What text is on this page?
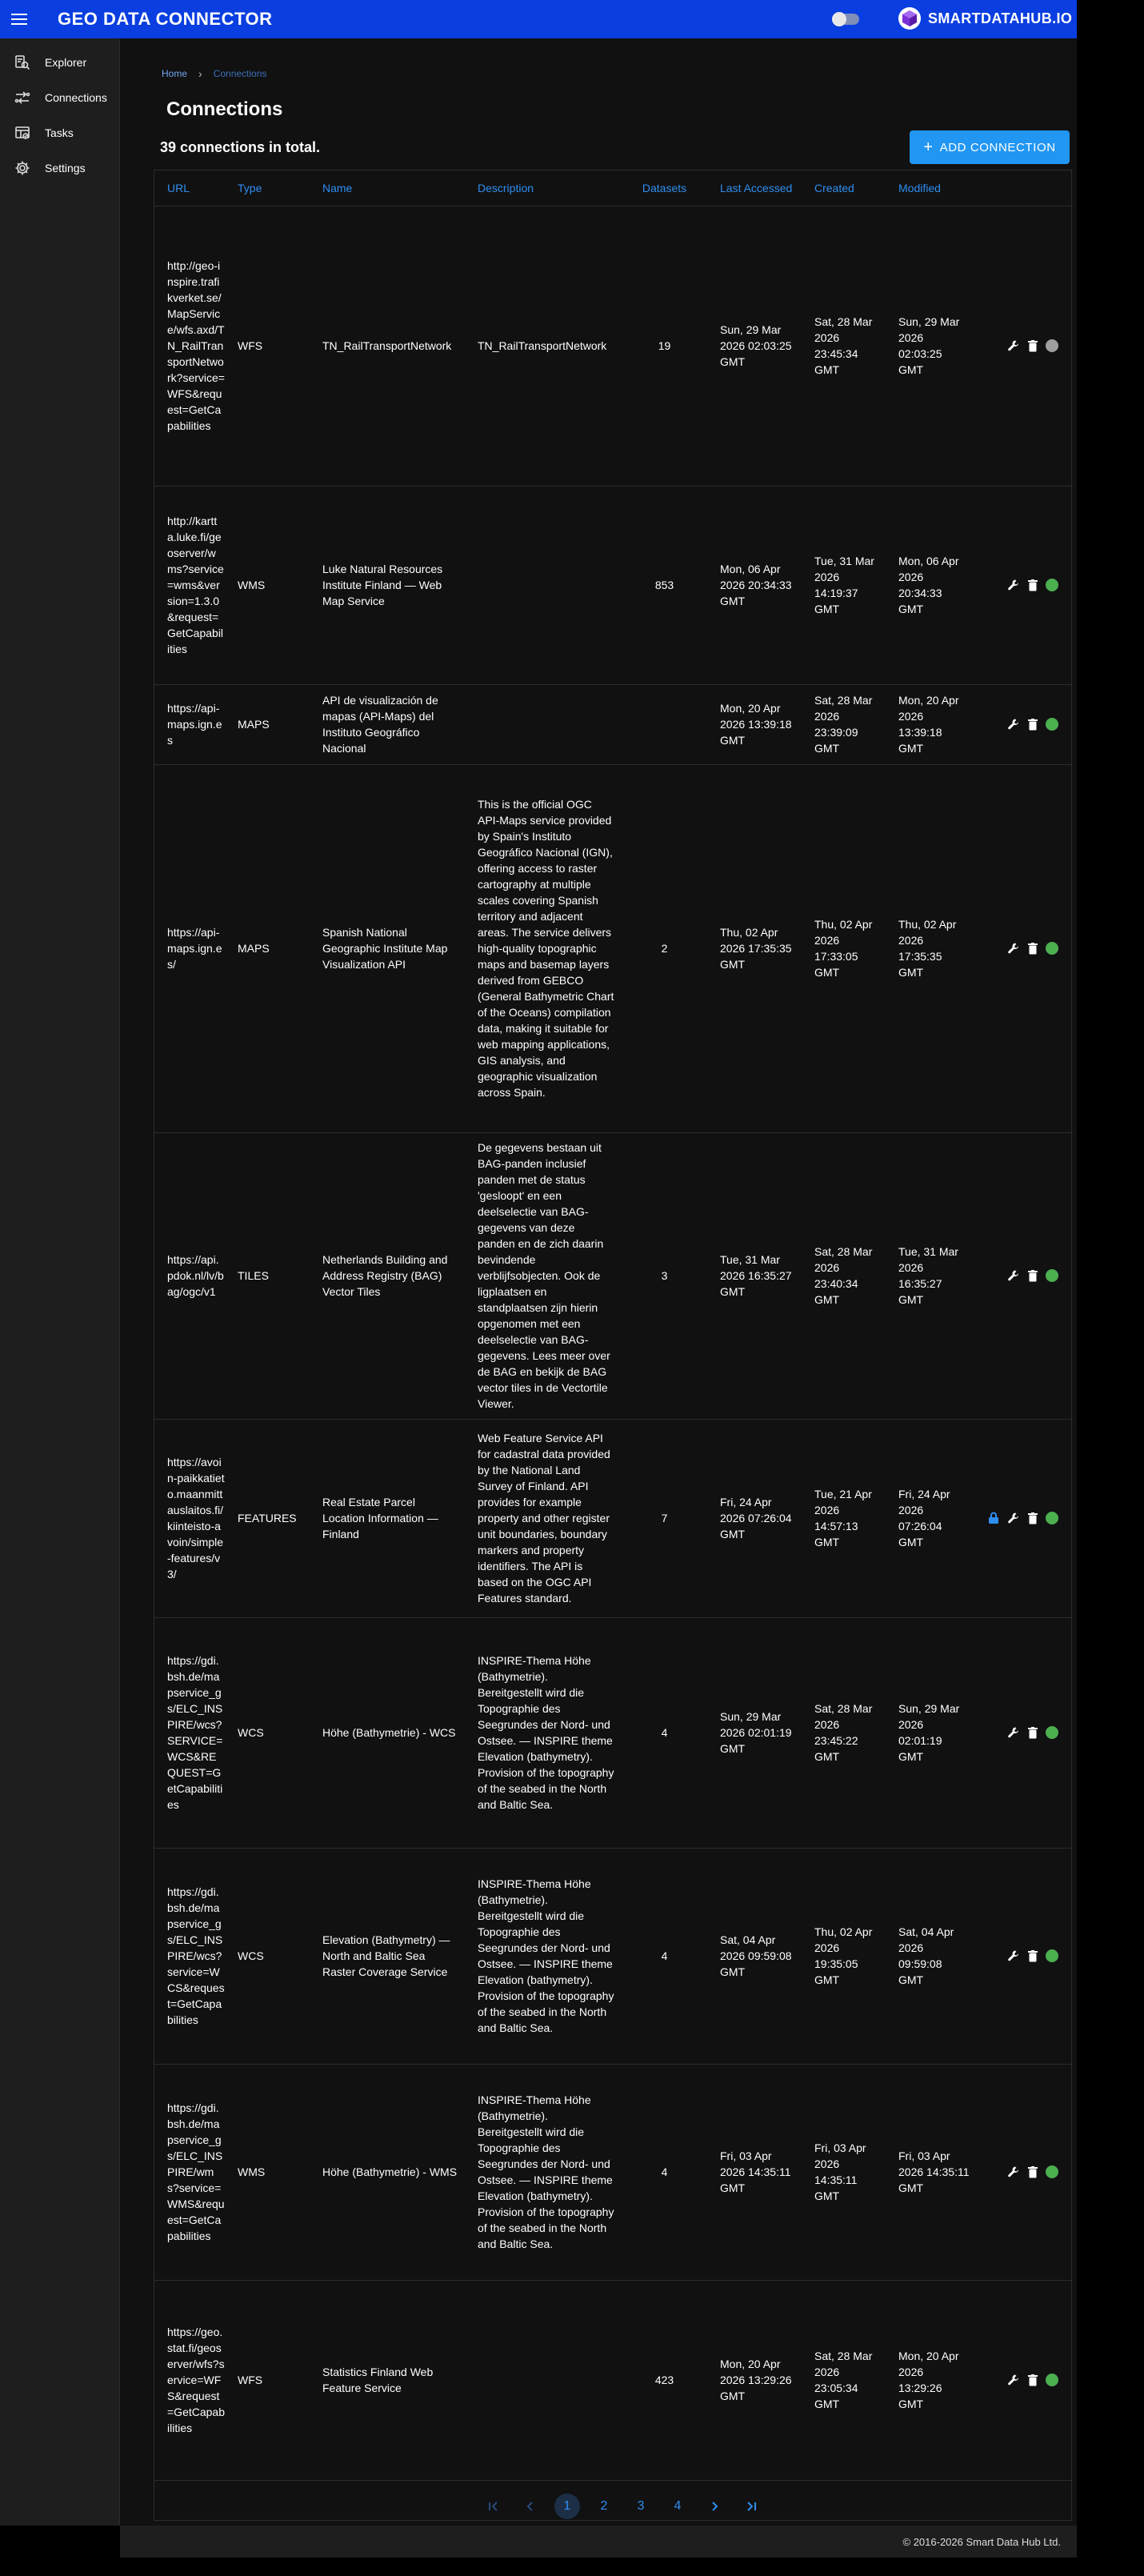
GEO DATA CONNECTOR	SMARTDATAHUB.IO
Explorer
Connections
Tasks
Settings
Home › Connections
Connections
39 connections in total.	+ ADD CONNECTION
URL	Type	Name	Description	Datasets	Last Accessed	Created	Modified	
http://geo-inspire.trafikverket.se/MapService/wfs.axd/TN_RailTransportNetwork?service=WFS&request=GetCapabilities	WFS	TN_RailTransportNetwork	TN_RailTransportNetwork	19	Sun, 29 Mar 2026 02:03:25 GMT	Sat, 28 Mar 2026 23:45:34 GMT	Sun, 29 Mar 2026 02:03:25 GMT	

http://kartta.luke.fi/geoserver/wms?service=wms&version=1.3.0&request=GetCapabilities	WMS	Luke Natural Resources Institute Finland — Web Map Service		853	Mon, 06 Apr 2026 20:34:33 GMT	Tue, 31 Mar 2026 14:19:37 GMT	Mon, 06 Apr 2026 20:34:33 GMT	

https://api-maps.ign.es	MAPS	API de visualización de mapas (API-Maps) del Instituto Geográfico Nacional			Mon, 20 Apr 2026 13:39:18 GMT	Sat, 28 Mar 2026 23:39:09 GMT	Mon, 20 Apr 2026 13:39:18 GMT	

https://api-maps.ign.es/	MAPS	Spanish National Geographic Institute Map Visualization API	This is the official OGC API-Maps service provided by Spain's Instituto Geográfico Nacional (IGN), offering access to raster cartography at multiple scales covering Spanish territory and adjacent areas. The service delivers high-quality topographic maps and basemap layers derived from GEBCO (General Bathymetric Chart of the Oceans) compilation data, making it suitable for web mapping applications, GIS analysis, and geographic visualization across Spain.	2	Thu, 02 Apr 2026 17:35:35 GMT	Thu, 02 Apr 2026 17:33:05 GMT	Thu, 02 Apr 2026 17:35:35 GMT	

https://api.pdok.nl/lv/bag/ogc/v1	TILES	Netherlands Building and Address Registry (BAG) Vector Tiles	De gegevens bestaan uit BAG-panden inclusief panden met de status 'gesloopt' en een deelselectie van BAG-gegevens van deze panden en de zich daarin bevindende verblijfsobjecten. Ook de ligplaatsen en standplaatsen zijn hierin opgenomen met een deelselectie van BAG-gegevens. Lees meer over de BAG en bekijk de BAG vector tiles in de Vectortile Viewer.	3	Tue, 31 Mar 2026 16:35:27 GMT	Sat, 28 Mar 2026 23:40:34 GMT	Tue, 31 Mar 2026 16:35:27 GMT	

https://avoin-paikkatieto.maanmittauslaitos.fi/kiinteisto-avoin/simple-features/v3/	FEATURES	Real Estate Parcel Location Information — Finland	Web Feature Service API for cadastral data provided by the National Land Survey of Finland. API provides for example property and other register unit boundaries, boundary markers and property identifiers. The API is based on the OGC API Features standard.	7	Fri, 24 Apr 2026 07:26:04 GMT	Tue, 21 Apr 2026 14:57:13 GMT	Fri, 24 Apr 2026 07:26:04 GMT	

https://gdi.bsh.de/mapservice_gs/ELC_INSPIRE/wcs?SERVICE=WCS&REQUEST=GetCapabilities	WCS	Höhe (Bathymetrie) - WCS	INSPIRE-Thema Höhe (Bathymetrie). Bereitgestellt wird die Topographie des Seegrundes der Nord- und Ostsee. — INSPIRE theme Elevation (bathymetry). Provision of the topography of the seabed in the North and Baltic Sea.	4	Sun, 29 Mar 2026 02:01:19 GMT	Sat, 28 Mar 2026 23:45:22 GMT	Sun, 29 Mar 2026 02:01:19 GMT	

https://gdi.bsh.de/mapservice_gs/ELC_INSPIRE/wcs?service=WCS&request=GetCapabilities	WCS	Elevation (Bathymetry) — North and Baltic Sea Raster Coverage Service	INSPIRE-Thema Höhe (Bathymetrie). Bereitgestellt wird die Topographie des Seegrundes der Nord- und Ostsee. — INSPIRE theme Elevation (bathymetry). Provision of the topography of the seabed in the North and Baltic Sea.	4	Sat, 04 Apr 2026 09:59:08 GMT	Thu, 02 Apr 2026 19:35:05 GMT	Sat, 04 Apr 2026 09:59:08 GMT	

https://gdi.bsh.de/mapservice_gs/ELC_INSPIRE/wms?service=WMS&request=GetCapabilities	WMS	Höhe (Bathymetrie) - WMS	INSPIRE-Thema Höhe (Bathymetrie). Bereitgestellt wird die Topographie des Seegrundes der Nord- und Ostsee. — INSPIRE theme Elevation (bathymetry). Provision of the topography of the seabed in the North and Baltic Sea.	4	Fri, 03 Apr 2026 14:35:11 GMT	Fri, 03 Apr 2026 14:35:11 GMT	Fri, 03 Apr 2026 14:35:11 GMT	

https://geo.stat.fi/geoserver/wfs?service=WFS&request=GetCapabilities	WFS	Statistics Finland Web Feature Service		423	Mon, 20 Apr 2026 13:29:26 GMT	Sat, 28 Mar 2026 23:05:34 GMT	Mon, 20 Apr 2026 13:29:26 GMT	
1	2	3	4
© 2016-2026 Smart Data Hub Ltd.
